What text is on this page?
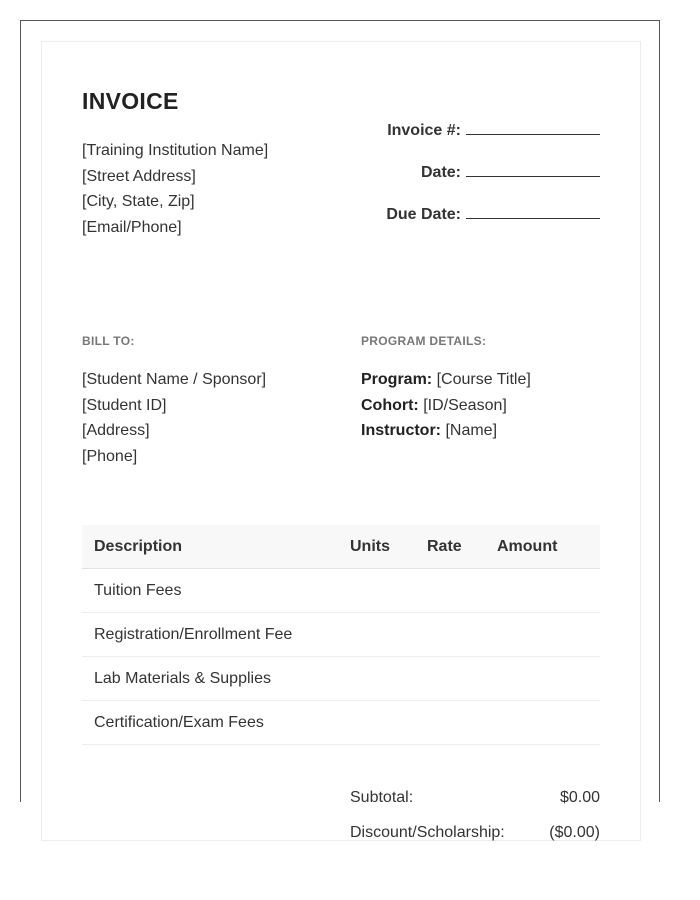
INVOICE
[Training Institution Name]
[Street Address]
[City, State, Zip]
[Email/Phone]
Invoice #:
Date:
Due Date:
BILL TO:	PROGRAM DETAILS:
[Student Name / Sponsor]
[Student ID]
[Address]
[Phone]
Program: [Course Title]
Cohort: [ID/Season]
Instructor: [Name]
Description	Units	Rate	Amount
Tuition Fees
Registration/Enrollment Fee
Lab Materials & Supplies
Certification/Exam Fees
Subtotal:	$0.00
Discount/Scholarship:	($0.00)
